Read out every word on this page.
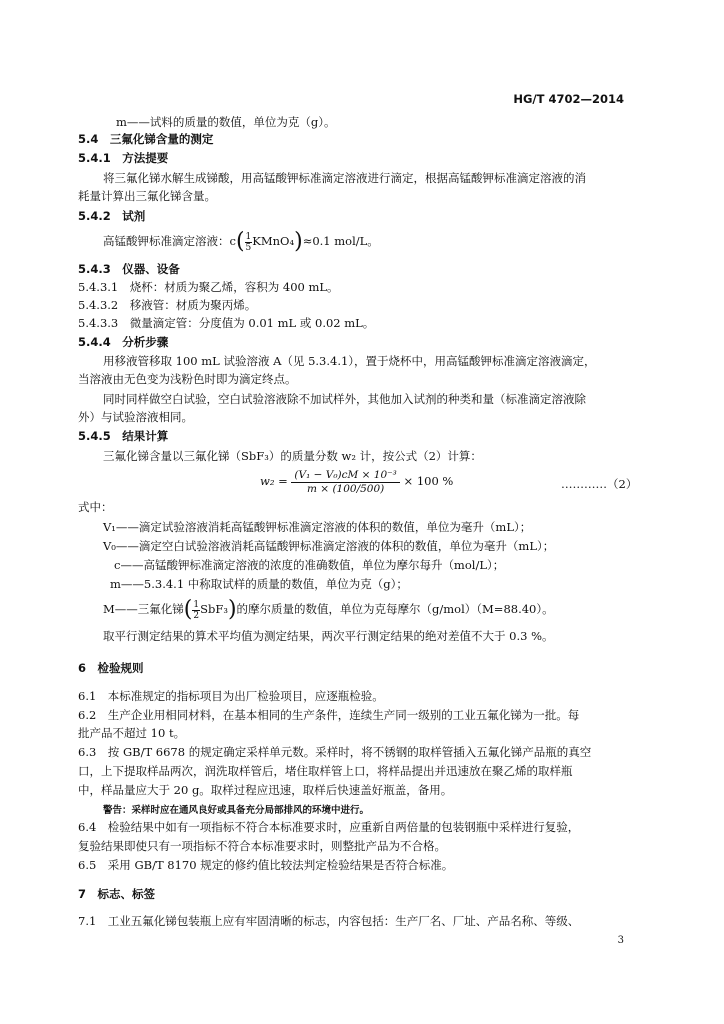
HG/T 4702—2014
m——试料的质量的数值，单位为克（g）。
5.4　三氟化锑含量的测定
5.4.1　方法提要
将三氟化锑水解生成锑酸，用高锰酸钾标准滴定溶液进行滴定，根据高锰酸钾标准滴定溶液的消
耗量计算出三氟化锑含量。
5.4.2　试剂
高锰酸钾标准滴定溶液：$c( \frac{1}{5}$ KMnO₄)≈0.1 mol/L。
5.4.3　仪器、设备
5.4.3.1　烧杯：材质为聚乙烯，容积为 400 mL。
5.4.3.2　移液管：材质为聚丙烯。
5.4.3.3　微量滴定管：分度值为 0.01 mL 或 0.02 mL。
5.4.4　分析步骤
用移液管移取 100 mL 试验溶液 A（见 5.3.4.1），置于烧杯中，用高锰酸钾标准滴定溶液滴定，
当溶液由无色变为浅粉色时即为滴定终点。
同时同样做空白试验，空白试验溶液除不加试样外，其他加入试剂的种类和量（标准滴定溶液除
外）与试验溶液相同。
5.4.5　结果计算
三氟化锑含量以三氟化锑（SbF₃）的质量分数 w₂ 计，按公式（2）计算：
$w_2 = \frac{\text{(V₁ − V₀)cM × 10⁻³}}{m \times (100/500)} \times 100$ %	…………（2）
式中：
V₁——滴定试验溶液消耗高锰酸钾标准滴定溶液的体积的数值，单位为毫升（mL）；
V₀——滴定空白试验溶液消耗高锰酸钾标准滴定溶液的体积的数值，单位为毫升（mL）；
c——高锰酸钾标准滴定溶液的浓度的准确数值，单位为摩尔每升（mol/L）；
m——5.3.4.1 中称取试样的质量的数值，单位为克（g）；
M——三氟化锑( $\frac{1}{2} SbF_3$)的摩尔质量的数值，单位为克每摩尔（g/mol）（M=88.40）。
取平行测定结果的算术平均值为测定结果，两次平行测定结果的绝对差值不大于 0.3 %。
6　检验规则
6.1　本标准规定的指标项目为出厂检验项目，应逐瓶检验。
6.2　生产企业用相同材料，在基本相同的生产条件，连续生产同一级别的工业五氟化锑为一批。每
批产品不超过 10 t。
6.3　按 GB/T 6678 的规定确定采样单元数。采样时，将不锈钢的取样管插入五氟化锑产品瓶的真空
口，上下提取样品两次，润洗取样管后，堵住取样管上口，将样品提出并迅速放在聚乙烯的取样瓶
中，样品量应大于 20 g。取样过程应迅速，取样后快速盖好瓶盖，备用。
警告：采样时应在通风良好或具备充分局部排风的环境中进行。
6.4　检验结果中如有一项指标不符合本标准要求时，应重新自两倍量的包装钢瓶中采样进行复验，
复验结果即使只有一项指标不符合本标准要求时，则整批产品为不合格。
6.5　采用 GB/T 8170 规定的修约值比较法判定检验结果是否符合标准。
7　标志、标签
7.1　工业五氟化锑包装瓶上应有牢固清晰的标志，内容包括：生产厂名、厂址、产品名称、等级、
3
